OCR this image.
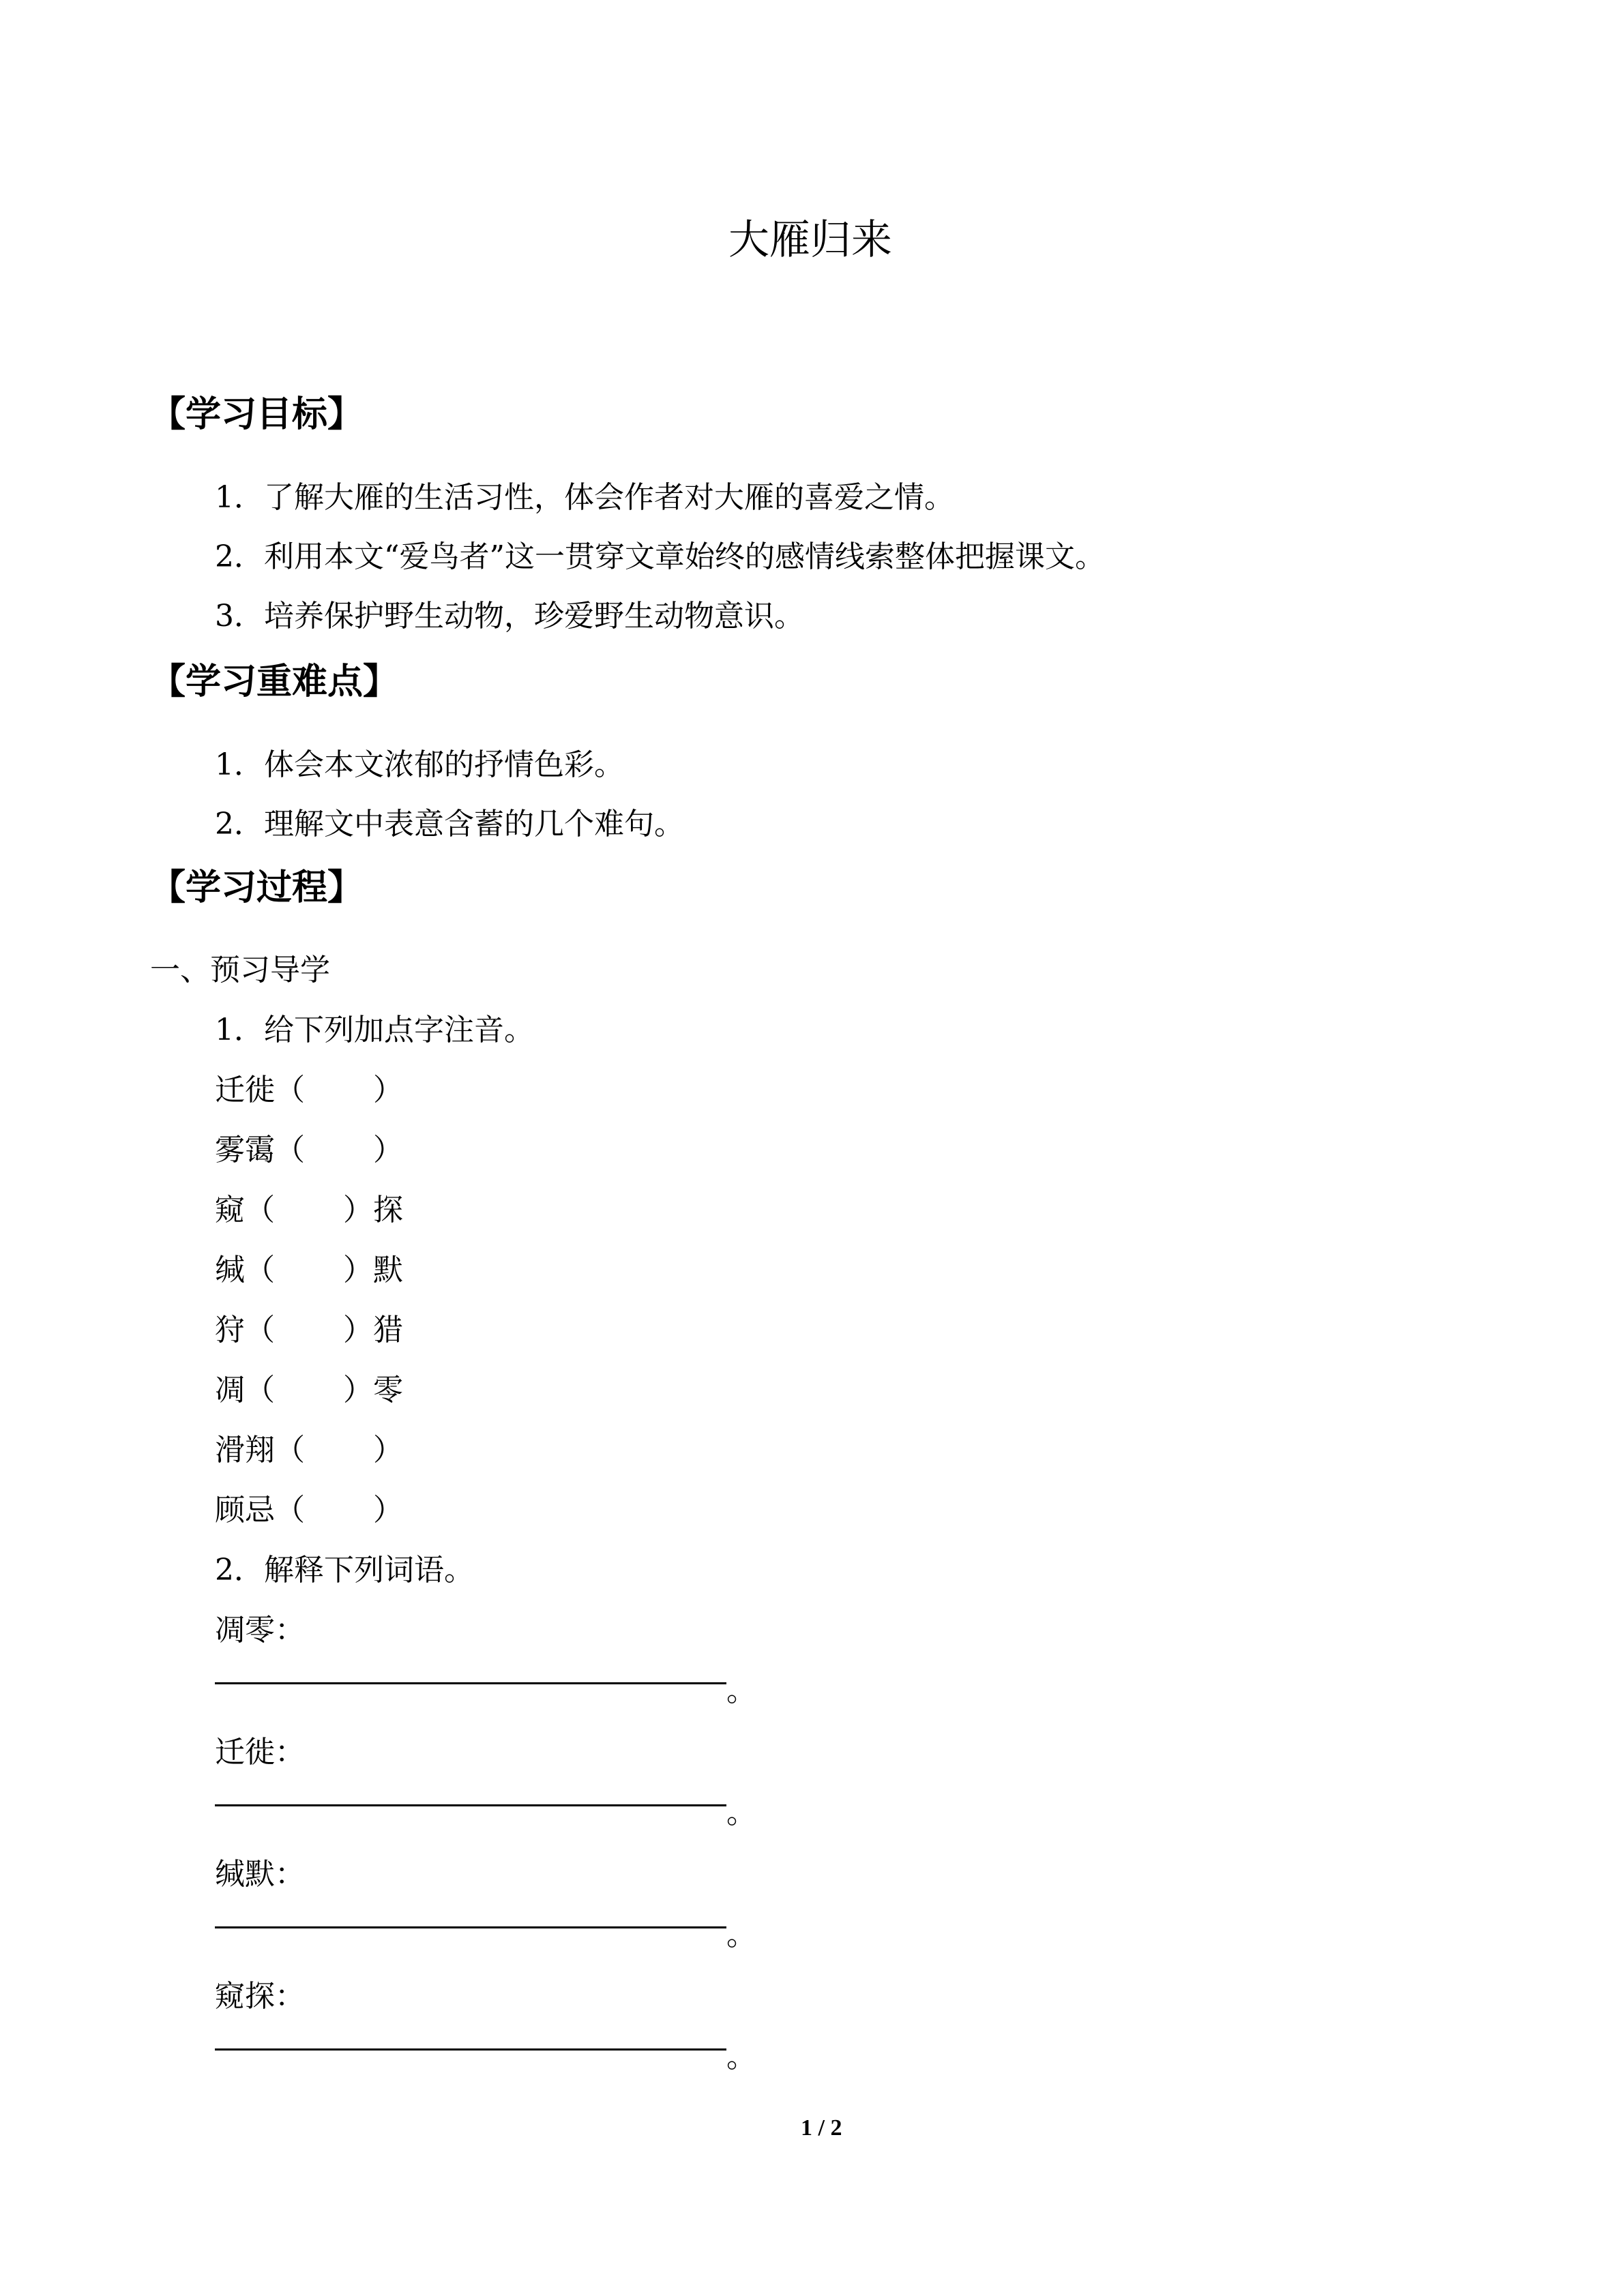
大雁归来
【学习目标】
1．了解大雁的生活习性，体会作者对大雁的喜爱之情。
2．利用本文“爱鸟者”这一贯穿文章始终的感情线索整体把握课文。
3．培养保护野生动物，珍爱野生动物意识。
【学习重难点】
1．体会本文浓郁的抒情色彩。
2．理解文中表意含蓄的几个难句。
【学习过程】
一、预习导学
1．给下列加点字注音。
迁徙（ ）
雾霭（ ）
窥（ ）探
缄（ ）默
狩（ ）猎
凋（ ）零
滑翔（ ）
顾忌（ ）
2．解释下列词语。
凋零：
。
迁徙：
。
缄默：
。
窥探：
。
1 / 2
